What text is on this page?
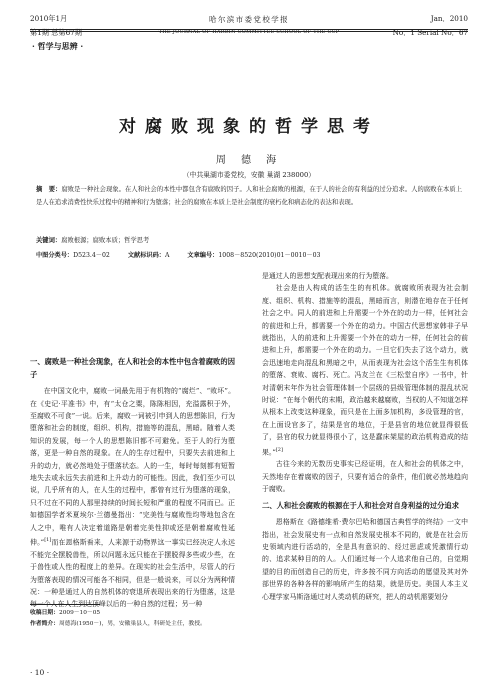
2010年1月
第1期 总第67期
哈尔滨市委党校学报
THE JOURNAL OF HARBIN COMMITTEE SCHOOL OF THE CCP
Jan．2010
No．1 Serial No．67
· 哲学与思辨 ·
对腐败现象的哲学思考
周 德 海
（中共巢湖市委党校，安徽 巢湖 238000）
摘　要：腐败是一种社会现象。在人和社会的本性中都包含有腐败的因子。人和社会腐败的根源，在于人的社会的有利益的过分追求。人的腐败在本质上是人在追求消费性快乐过程中的精神和行为堕落；社会的腐败在本质上是社会制度的衰朽化和病态化的表达和表现。
关键词：腐败根源；腐败本质；哲学思考
中图分类号：D523.4－02	文献标识码：A	文章编号：1008－8520(2010)01－0010－03
一、腐败是一种社会现象，在人和社会的本性中包含着腐败的因子

在中国文化中，腐败一词最先用于有机物的“腐烂”、“败坏”。在《史记·平准书》中，有“太仓之粟，陈陈相因，充溢露积于外，至腐败不可食”一说。后来，腐败一词被引申到人的思想陈旧，行为堕落和社会的制度，组织、机构，措施等的混乱，黑暗。随着人类知识的发展，每一个人的思想陈旧都不可避免。至于人的行为堕落，更是一种自然的现象。在人的生存过程中，只要失去前进和上升的动力，就必然地处于堕落状态。人的一生，每时每刻都有短暂地失去或永远失去前进和上升动力的可能性。因此，我们至少可以说，几乎所有的人，在人生的过程中，都曾有过行为堕落的现象，只不过在不同的人那里持续的时间长短和严重的程度不同而已。正如德国学者米夏埃尔·兰德曼指出：“完美性与腐败性均等地包含在人之中，唯有人决定着道路是朝着完美性抑或还是朝着腐败性延伸。”[1]而在恩格斯看来，人来源于动物界这一事实已经决定人永远不能完全摆脱兽性，所以问题永远只能在于摆脱得多些或少些，在于兽性或人性的程度上的差异。在现实的社会生活中，尽管人的行为堕落表现的情况可能各不相同，但是一般说来，可以分为两种情况：一种是通过人的自然机体的衰退所表现出来的行为堕落，这是每一个人在人生到达顶峰以后的一种自然的过程；另一种

是通过人的思想支配表现出来的行为堕落。

社会是由人构成的活生生的有机体。就腐败所表现为社会制度、组织、机构、措施等的混乱，黑暗而言，则潜在地存在于任何社会之中。同人的前进和上升需要一个外在的动力一样，任何社会的前进和上升，都需要一个外在的动力。中国古代思想家韩非子早就指出，人的前进和上升需要一个外在的动力一样，任何社会的前进和上升，都需要一个外在的动力。一旦它们失去了这个动力，就会迅速地走向混乱和黑暗之中，从而表现为社会这个活生生有机体的堕落、衰败、腐朽、死亡。冯友兰在《三松堂自序》一书中，针对清朝末年作为社会管理体制一个层级的县级管理体制的混乱状况时说：“在每个朝代的末期，政治越来越腐败，当权的人不知道怎样从根本上改变这种现象，而只是在上面多加机构，多设管理的官，在上面设官多了，结果是官的地位，于是县官的地位就显得很低了，县官的权力就显得很小了，这是蠢床架屋的政治机构造成的结果。”[2]

古往今来的无数历史事实已经证明，在人和社会的机体之中，天然地存在着腐败的因子，只要有适合的条件，他们就必然地趋向于腐败。

二、人和社会腐败的根源在于人和社会对自身利益的过分追求

恩格斯在《路德维希·费尔巴哈和德国古典哲学的终结》一文中指出，社会发展史有一点和自然发展史根本不同的，就是在社会历史领域内进行活动的，全是具有意识的、经过思虑或凭激情行动的、追求某种目的的人。人们通过每一个人追求他自己的，自觉期望的目的而创造自己的历史，许多按不同方向活动的愿望及其对外部世界的各种各样的影响所产生的结果，就是历史。美国人本主义心理学家马斯洛通过对人类动机的研究，把人的动机需要划分

收稿日期：2009－10－05
作者简介：周德海(1950－)，男，安徽巢县人，科研处主任，教授。
· 10 ·
